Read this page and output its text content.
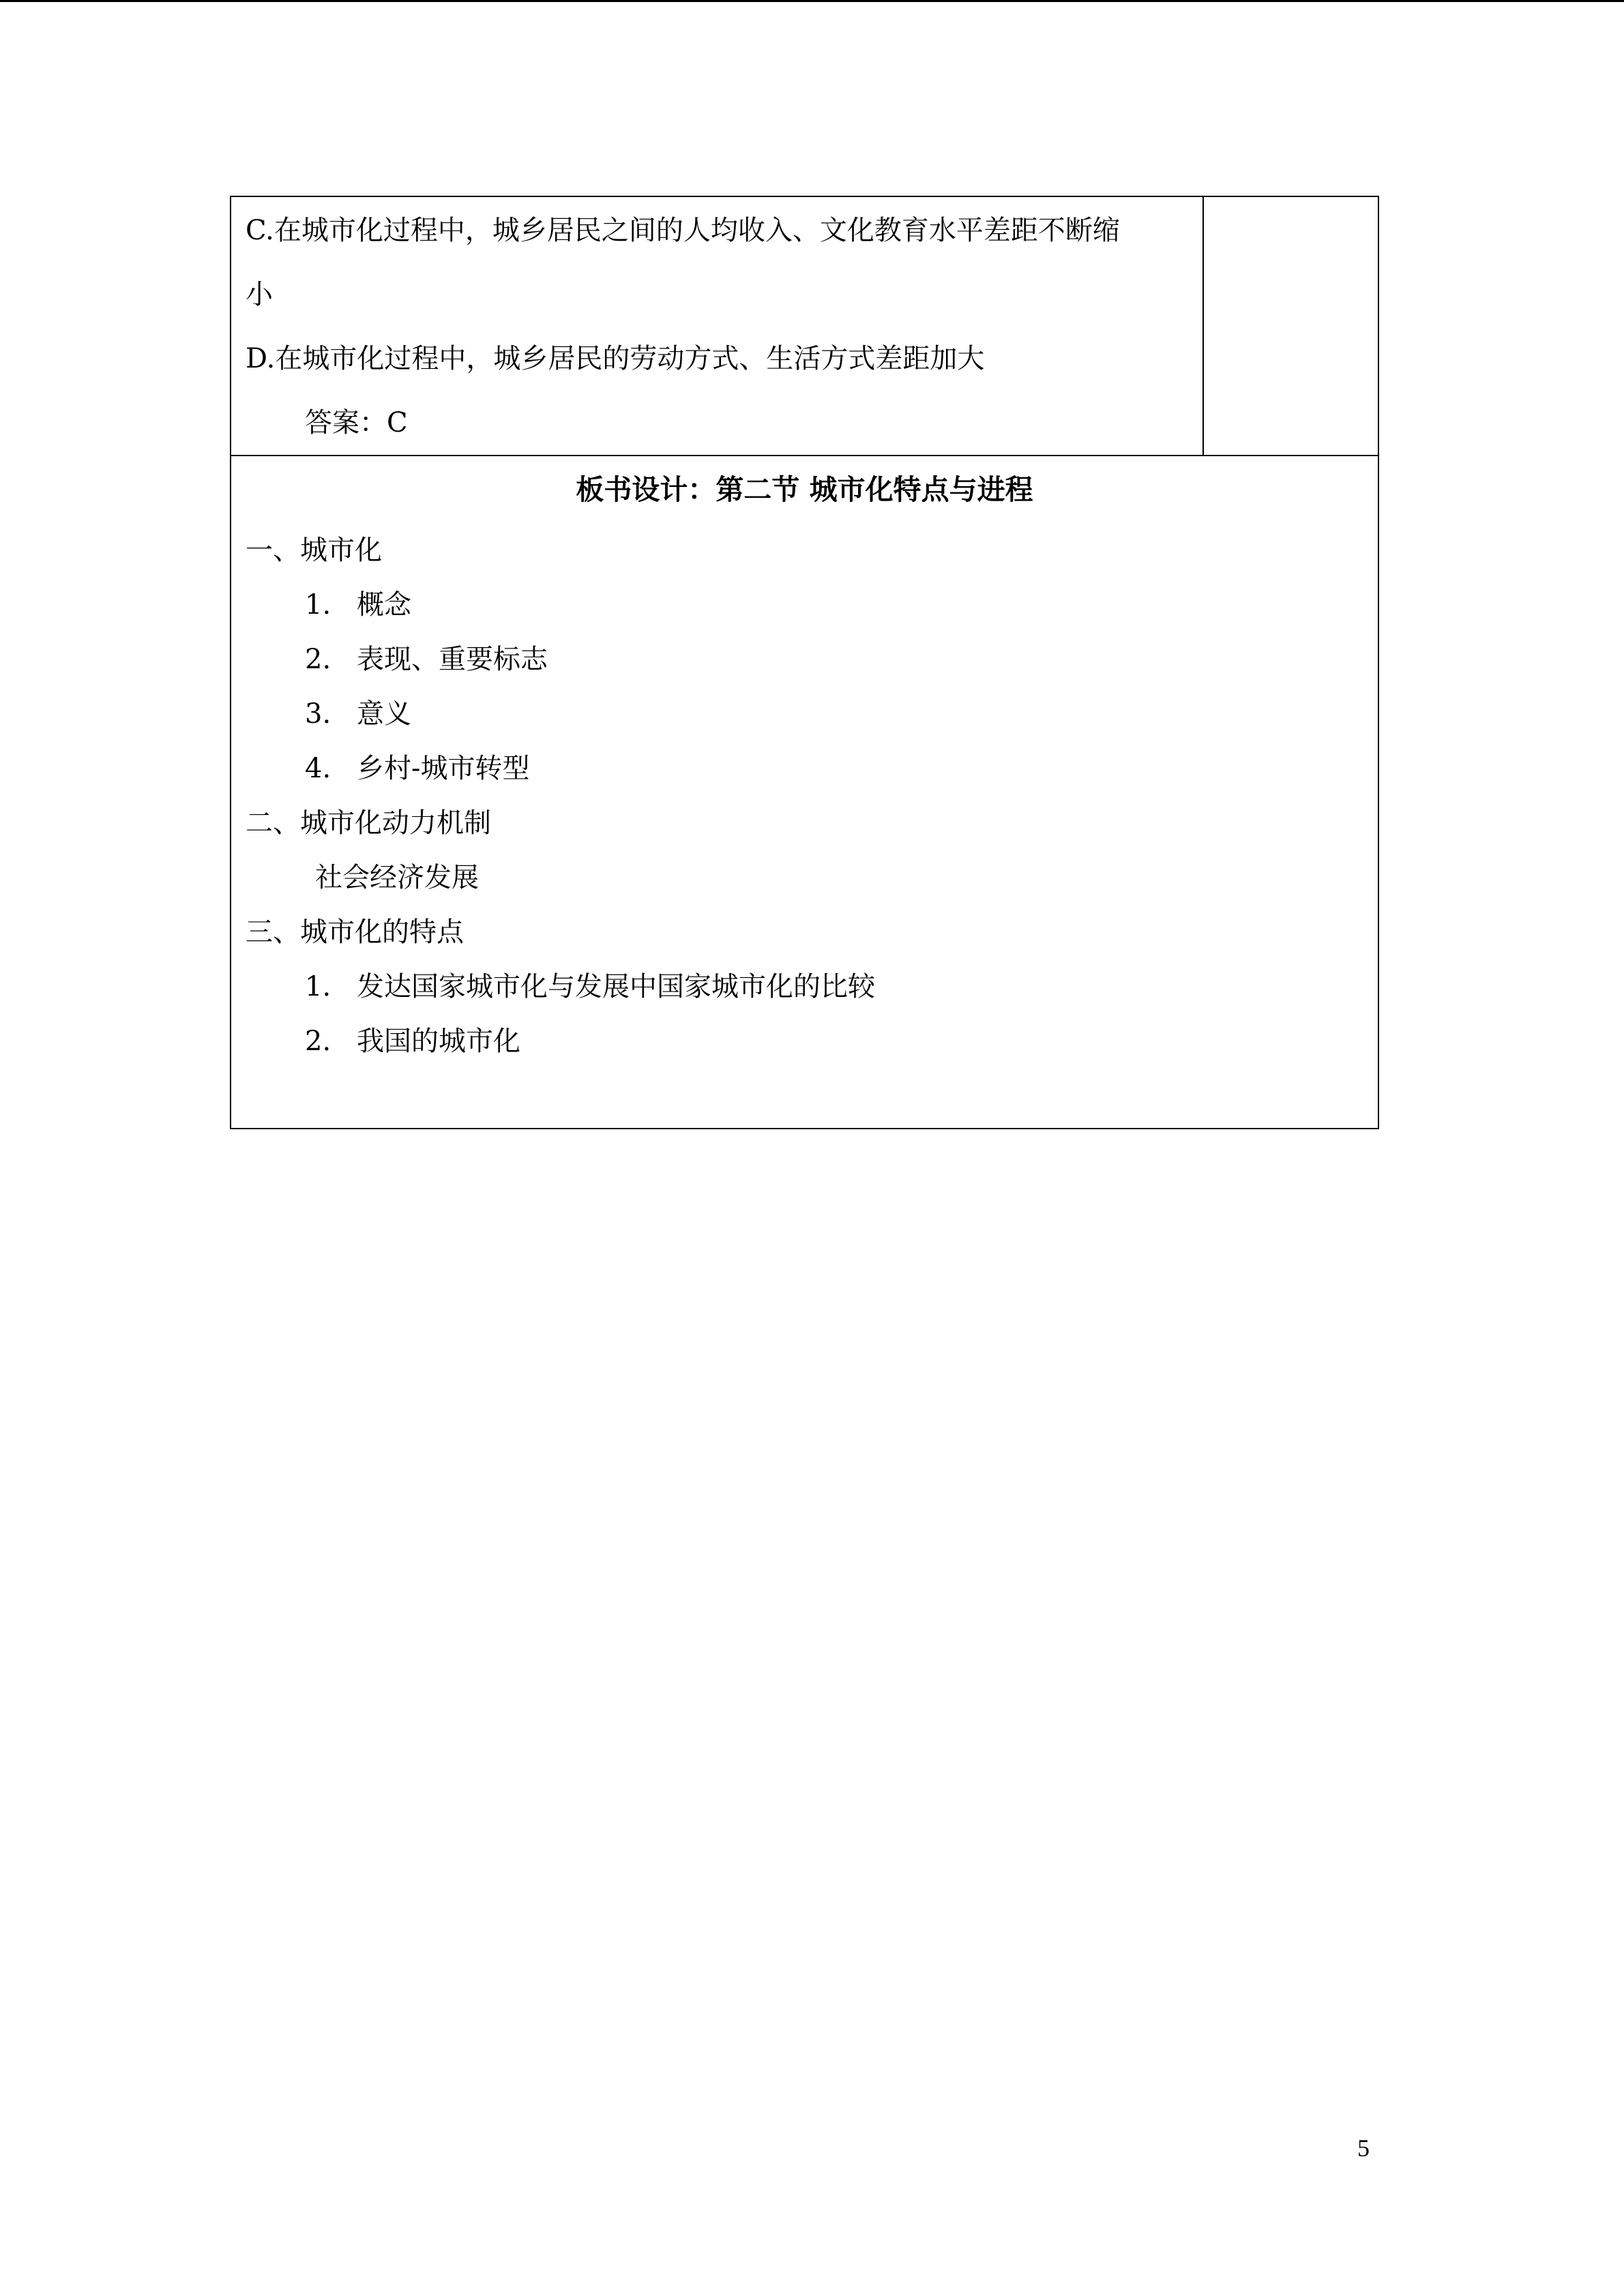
C.在城市化过程中，城乡居民之间的人均收入、文化教育水平差距不断缩
小
D.在城市化过程中，城乡居民的劳动方式、生活方式差距加大
答案：C

板书设计：第二节 城市化特点与进程
一、城市化
1. 概念
2. 表现、重要标志
3. 意义
4. 乡村-城市转型
二、城市化动力机制
社会经济发展
三、城市化的特点
1. 发达国家城市化与发展中国家城市化的比较
2. 我国的城市化
5
